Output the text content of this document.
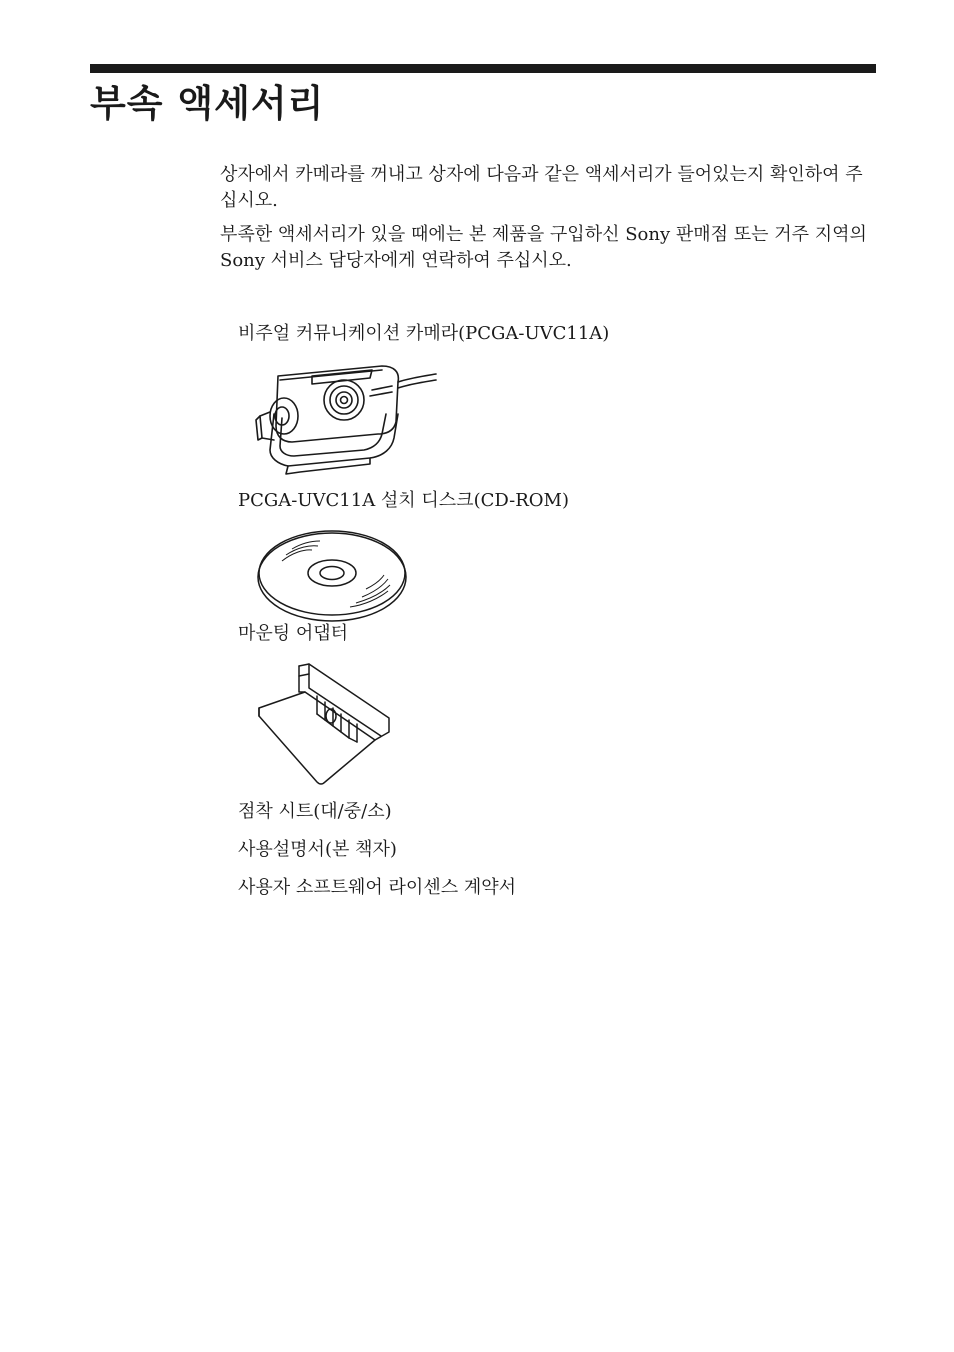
부속 액세서리

상자에서 카메라를 꺼내고 상자에 다음과 같은 액세서리가 들어있는지 확인하여 주십시오.

부족한 액세서리가 있을 때에는 본 제품을 구입하신 Sony 판매점 또는 거주 지역의 Sony 서비스 담당자에게 연락하여 주십시오.

비주얼 커뮤니케이션 카메라(PCGA-UVC11A)
PCGA-UVC11A 설치 디스크(CD-ROM)
마운팅 어댑터
점착 시트(대/중/소)
사용설명서(본 책자)
사용자 소프트웨어 라이센스 계약서
